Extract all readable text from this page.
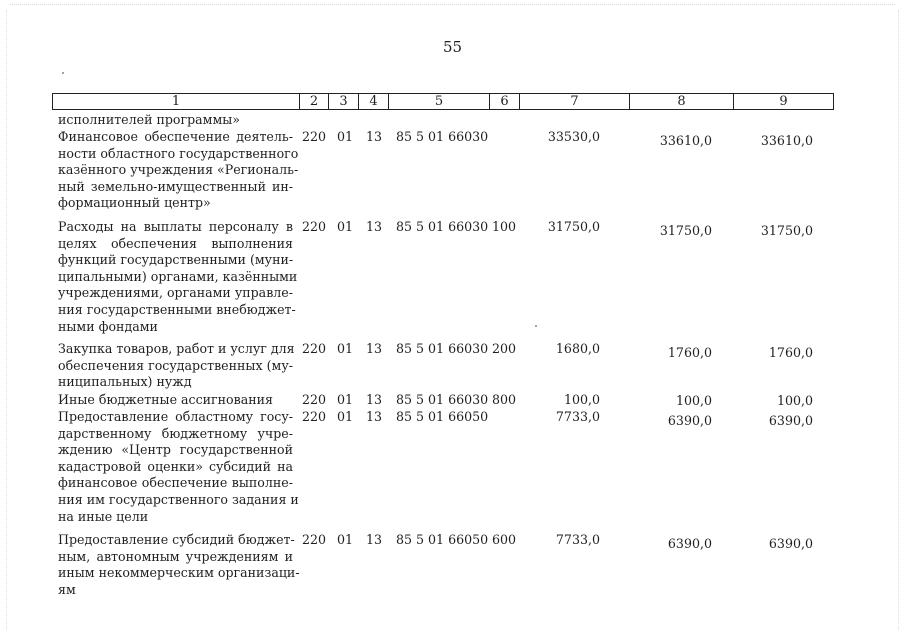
55
1	2	3	4	5	6	7	8	9
исполнителей программы»
Финансовое обеспечение деятель-
ности областного государственного
казённого учреждения «Региональ-
ный земельно-имущественный ин-
формационный центр»
220 01 13 85 5 01 66030	33530,0	33610,0	33610,0
Расходы на выплаты персоналу в
целях обеспечения выполнения
функций государственными (муни-
ципальными) органами, казёнными
учреждениями, органами управле-
ния государственными внебюджет-
ными фондами
220 01 13 85 5 01 66030 100	31750,0	31750,0	31750,0
Закупка товаров, работ и услуг для
обеспечения государственных (му-
ниципальных) нужд
220 01 13 85 5 01 66030 200	1680,0	1760,0	1760,0
Иные бюджетные ассигнования	220 01 13 85 5 01 66030 800	100,0	100,0	100,0
Предоставление областному госу-
дарственному бюджетному учре-
ждению «Центр государственной
кадастровой оценки» субсидий на
финансовое обеспечение выполне-
ния им государственного задания и
на иные цели
220 01 13 85 5 01 66050	7733,0	6390,0	6390,0
Предоставление субсидий бюджет-
ным, автономным учреждениям и
иным некоммерческим организаци-
ям
220 01 13 85 5 01 66050 600	7733,0	6390,0	6390,0
